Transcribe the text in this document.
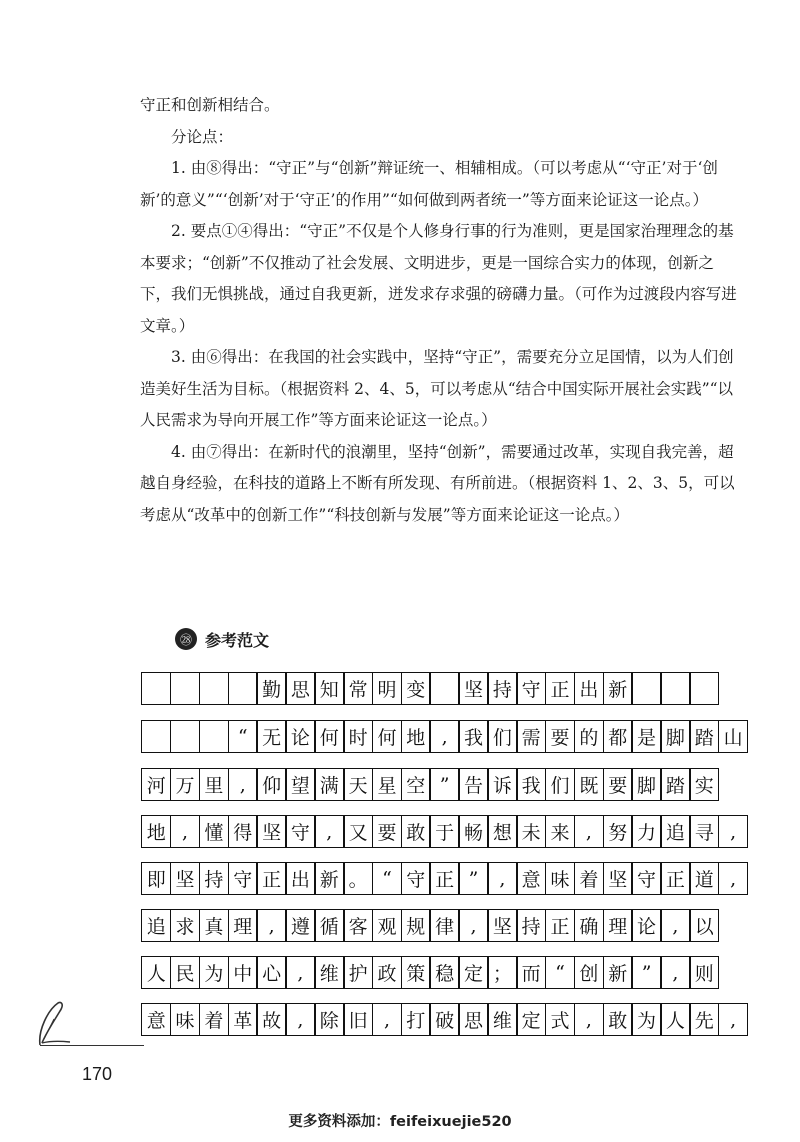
守正和创新相结合。

分论点：

1. 由⑧得出：“守正”与“创新”辩证统一、相辅相成。（可以考虑从“‘守正’对于‘创新’的意义”“‘创新’对于‘守正’的作用”“如何做到两者统一”等方面来论证这一论点。）

2. 要点①④得出：“守正”不仅是个人修身行事的行为准则，更是国家治理理念的基本要求；“创新”不仅推动了社会发展、文明进步，更是一国综合实力的体现，创新之下，我们无惧挑战，通过自我更新，迸发求存求强的磅礴力量。（可作为过渡段内容写进文章。）

3. 由⑥得出：在我国的社会实践中，坚持“守正”，需要充分立足国情，以为人们创造美好生活为目标。（根据资料 2、4、5，可以考虑从“结合中国实际开展社会实践”“以人民需求为导向开展工作”等方面来论证这一论点。）

4. 由⑦得出：在新时代的浪潮里，坚持“创新”，需要通过改革，实现自我完善，超越自身经验，在科技的道路上不断有所发现、有所前进。（根据资料 1、2、3、5，可以考虑从“改革中的创新工作”“科技创新与发展”等方面来论证这一论点。）

㉘ 参考范文
勤 思 知 常 明 变	坚 持 守 正 出 新
“ 无 论 何 时 何 地 , 我 们 需 要 的 都 是 脚 踏 山
河 万 里 , 仰 望 满 天 星 空 ” 告 诉 我 们 既 要 脚 踏 实
地 , 懂 得 坚 守 , 又 要 敢 于 畅 想 未 来 , 努 力 追 寻 ,
即 坚 持 守 正 出 新 。 “ 守 正 ”	, 意 味 着 坚 守 正 道 ,
追 求 真 理 , 遵 循 客 观 规 律 , 坚 持 正 确 理 论 , 以
人 民 为 中 心 , 维 护 政 策 稳 定 ； 而 “ 创 新 ”	, 则
意 味 着 革 故 , 除 旧 , 打 破 思 维 定 式 , 敢 为 人 先 ,
170
更多资料添加：feifeixuejie520
